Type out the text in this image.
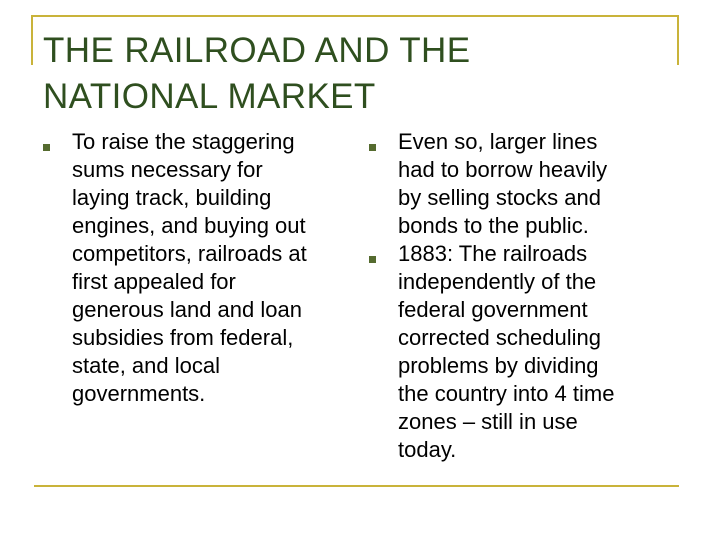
THE RAILROAD AND THE
NATIONAL MARKET
To raise the staggering
sums necessary for
laying track, building
engines, and buying out
competitors, railroads at
first appealed for
generous land and loan
subsidies from federal,
state, and local
governments.
Even so, larger lines
had to borrow heavily
by selling stocks and
bonds to the public.
1883: The railroads
independently of the
federal government
corrected scheduling
problems by dividing
the country into 4 time
zones – still in use
today.
